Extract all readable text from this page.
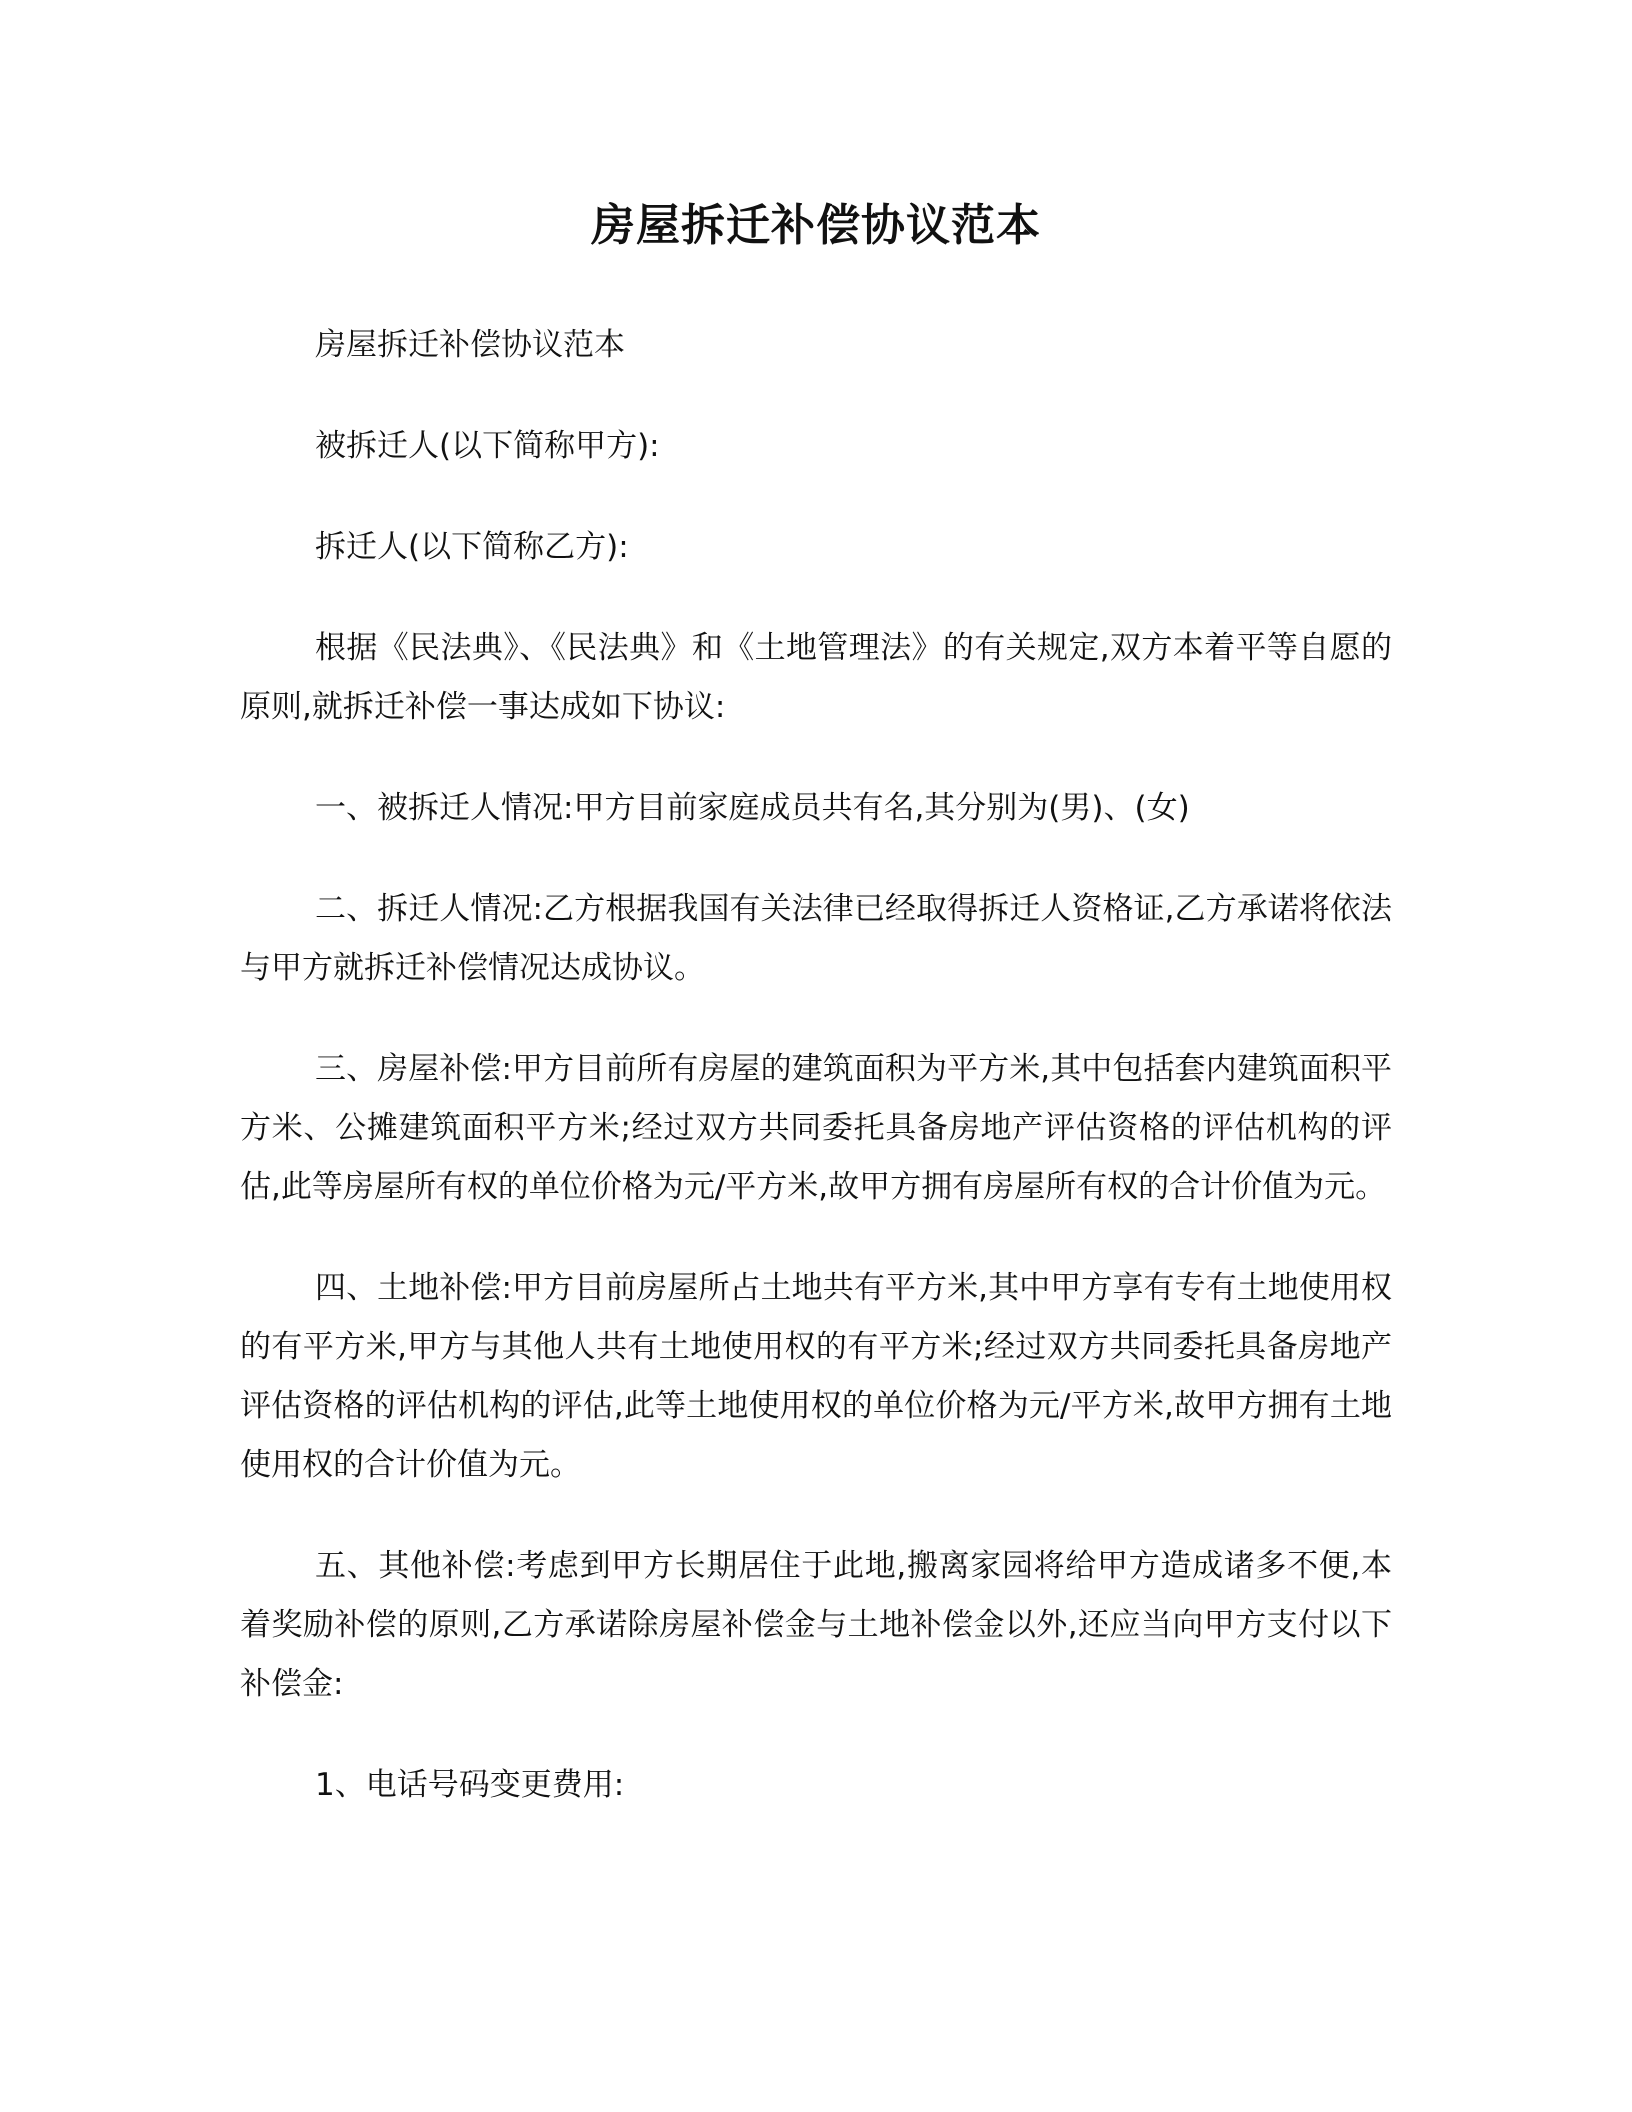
房屋拆迁补偿协议范本

房屋拆迁补偿协议范本

被拆迁人(以下简称甲方):

拆迁人(以下简称乙方):

根据《民法典》、《民法典》和《土地管理法》的有关规定,双方本着平等自愿的原则,就拆迁补偿一事达成如下协议:

一、被拆迁人情况:甲方目前家庭成员共有名,其分别为(男)、(女)

二、拆迁人情况:乙方根据我国有关法律已经取得拆迁人资格证,乙方承诺将依法与甲方就拆迁补偿情况达成协议。

三、房屋补偿:甲方目前所有房屋的建筑面积为平方米,其中包括套内建筑面积平方米、公摊建筑面积平方米;经过双方共同委托具备房地产评估资格的评估机构的评估,此等房屋所有权的单位价格为元/平方米,故甲方拥有房屋所有权的合计价值为元。

四、土地补偿:甲方目前房屋所占土地共有平方米,其中甲方享有专有土地使用权的有平方米,甲方与其他人共有土地使用权的有平方米;经过双方共同委托具备房地产评估资格的评估机构的评估,此等土地使用权的单位价格为元/平方米,故甲方拥有土地使用权的合计价值为元。

五、其他补偿:考虑到甲方长期居住于此地,搬离家园将给甲方造成诸多不便,本着奖励补偿的原则,乙方承诺除房屋补偿金与土地补偿金以外,还应当向甲方支付以下补偿金:

1、电话号码变更费用:
